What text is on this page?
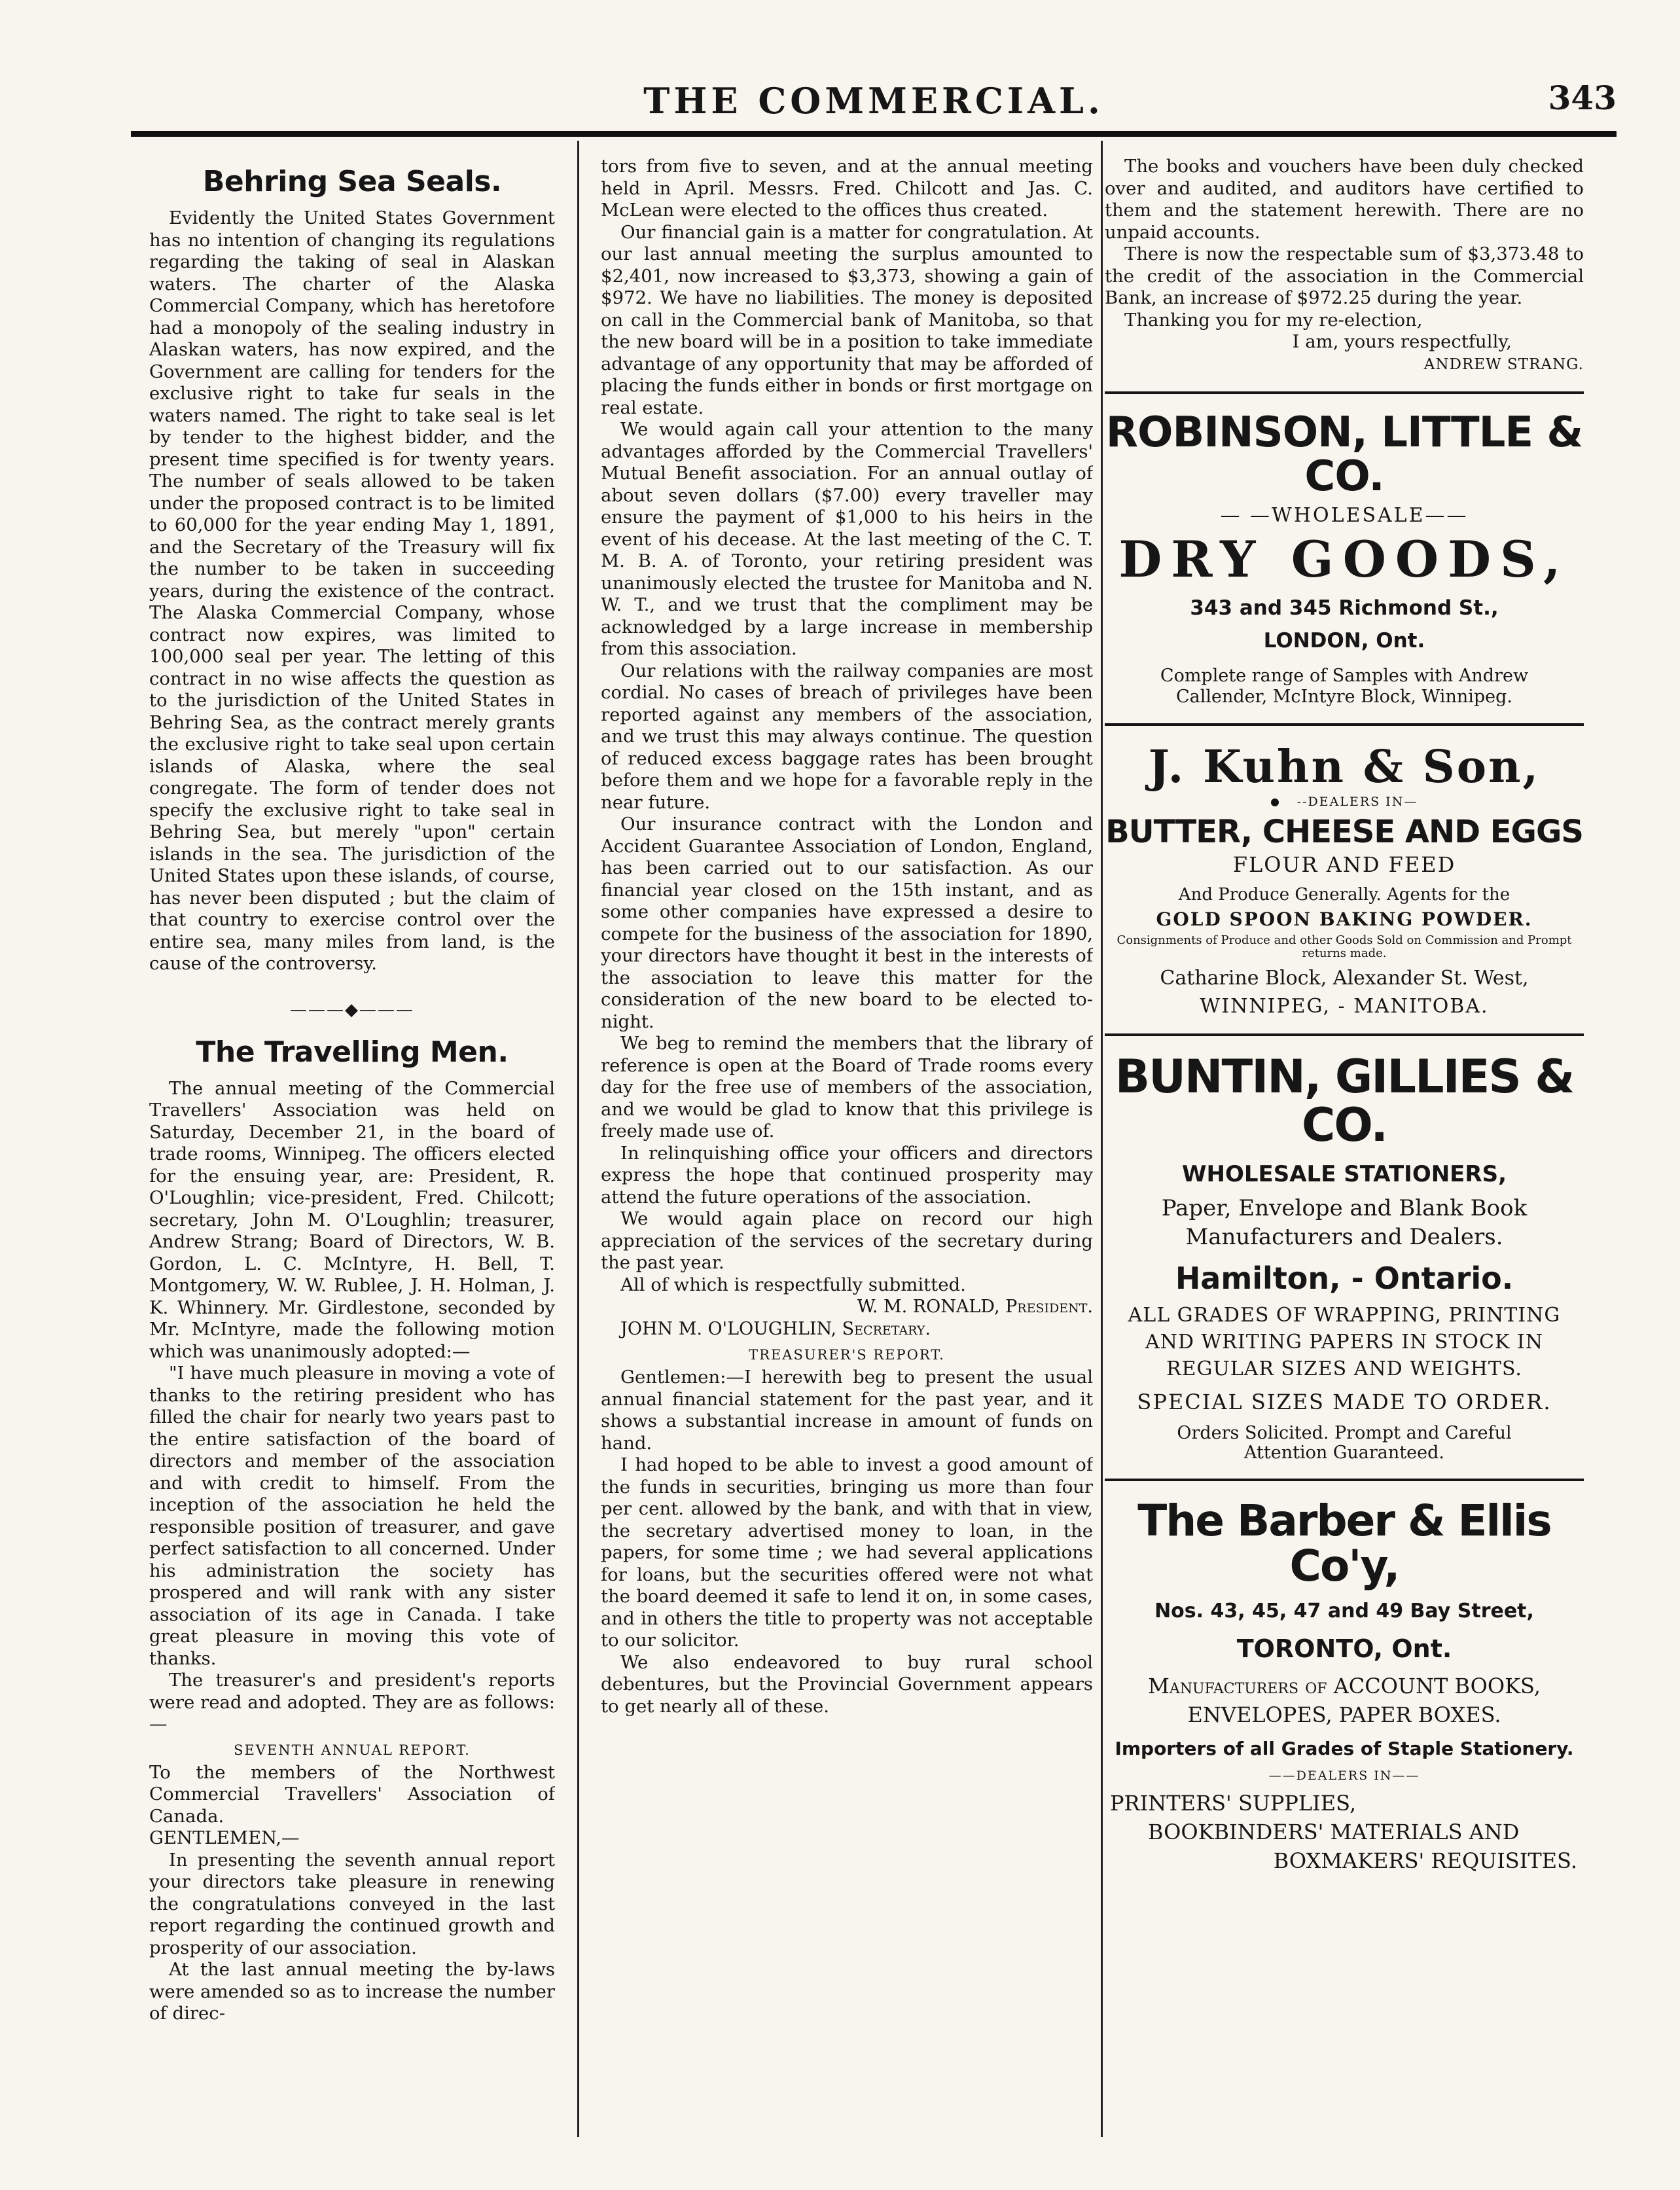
THE COMMERCIAL.	343
Behring Sea Seals.

Evidently the United States Government has no intention of changing its regulations regarding the taking of seal in Alaskan waters. The charter of the Alaska Commercial Company, which has heretofore had a monopoly of the sealing industry in Alaskan waters, has now expired, and the Government are calling for tenders for the exclusive right to take fur seals in the waters named. The right to take seal is let by tender to the highest bidder, and the present time specified is for twenty years. The number of seals allowed to be taken under the proposed contract is to be limited to 60,000 for the year ending May 1, 1891, and the Secretary of the Treasury will fix the number to be taken in succeeding years, during the existence of the contract. The Alaska Commercial Company, whose contract now expires, was limited to 100,000 seal per year. The letting of this contract in no wise affects the question as to the jurisdiction of the United States in Behring Sea, as the contract merely grants the exclusive right to take seal upon certain islands of Alaska, where the seal congregate. The form of tender does not specify the exclusive right to take seal in Behring Sea, but merely "upon" certain islands in the sea. The jurisdiction of the United States upon these islands, of course, has never been disputed ; but the claim of that country to exercise control over the entire sea, many miles from land, is the cause of the controversy.

———◆———
The Travelling Men.

The annual meeting of the Commercial Travellers' Association was held on Saturday, December 21, in the board of trade rooms, Winnipeg. The officers elected for the ensuing year, are: President, R. O'Loughlin; vice-president, Fred. Chilcott; secretary, John M. O'Loughlin; treasurer, Andrew Strang; Board of Directors, W. B. Gordon, L. C. McIntyre, H. Bell, T. Montgomery, W. W. Rublee, J. H. Holman, J. K. Whinnery. Mr. Girdlestone, seconded by Mr. McIntyre, made the following motion which was unanimously adopted:—

"I have much pleasure in moving a vote of thanks to the retiring president who has filled the chair for nearly two years past to the entire satisfaction of the board of directors and member of the association and with credit to himself. From the inception of the association he held the responsible position of treasurer, and gave perfect satisfaction to all concerned. Under his administration the society has prospered and will rank with any sister association of its age in Canada. I take great pleasure in moving this vote of thanks.

The treasurer's and president's reports were read and adopted. They are as follows:—

SEVENTH ANNUAL REPORT.

To the members of the Northwest Commercial Travellers' Association of Canada.

GENTLEMEN,—

In presenting the seventh annual report your directors take pleasure in renewing the congratulations conveyed in the last report regarding the continued growth and prosperity of our association.

At the last annual meeting the by-laws were amended so as to increase the number of direc-

tors from five to seven, and at the annual meeting held in April. Messrs. Fred. Chilcott and Jas. C. McLean were elected to the offices thus created.

Our financial gain is a matter for congratulation. At our last annual meeting the surplus amounted to $2,401, now increased to $3,373, showing a gain of $972. We have no liabilities. The money is deposited on call in the Commercial bank of Manitoba, so that the new board will be in a position to take immediate advantage of any opportunity that may be afforded of placing the funds either in bonds or first mortgage on real estate.

We would again call your attention to the many advantages afforded by the Commercial Travellers' Mutual Benefit association. For an annual outlay of about seven dollars ($7.00) every traveller may ensure the payment of $1,000 to his heirs in the event of his decease. At the last meeting of the C. T. M. B. A. of Toronto, your retiring president was unanimously elected the trustee for Manitoba and N. W. T., and we trust that the compliment may be acknowledged by a large increase in membership from this association.

Our relations with the railway companies are most cordial. No cases of breach of privileges have been reported against any members of the association, and we trust this may always continue. The question of reduced excess baggage rates has been brought before them and we hope for a favorable reply in the near future.

Our insurance contract with the London and Accident Guarantee Association of London, England, has been carried out to our satisfaction. As our financial year closed on the 15th instant, and as some other companies have expressed a desire to compete for the business of the association for 1890, your directors have thought it best in the interests of the association to leave this matter for the consideration of the new board to be elected to-night.

We beg to remind the members that the library of reference is open at the Board of Trade rooms every day for the free use of members of the association, and we would be glad to know that this privilege is freely made use of.

In relinquishing office your officers and directors express the hope that continued prosperity may attend the future operations of the association.

We would again place on record our high appreciation of the services of the secretary during the past year.

All of which is respectfully submitted.

W. M. RONALD, President.

JOHN M. O'LOUGHLIN, Secretary.

TREASURER'S REPORT.

Gentlemen:—I herewith beg to present the usual annual financial statement for the past year, and it shows a substantial increase in amount of funds on hand.

I had hoped to be able to invest a good amount of the funds in securities, bringing us more than four per cent. allowed by the bank, and with that in view, the secretary advertised money to loan, in the papers, for some time ; we had several applications for loans, but the securities offered were not what the board deemed it safe to lend it on, in some cases, and in others the title to property was not acceptable to our solicitor.

We also endeavored to buy rural school debentures, but the Provincial Government appears to get nearly all of these.

The books and vouchers have been duly checked over and audited, and auditors have certified to them and the statement herewith. There are no unpaid accounts.

There is now the respectable sum of $3,373.48 to the credit of the association in the Commercial Bank, an increase of $972.25 during the year.

Thanking you for my re-election,

I am, yours respectfully,

ANDREW STRANG.

ROBINSON, LITTLE & CO.
— —WHOLESALE——
DRY GOODS,
343 and 345 Richmond St.,
LONDON, Ont.
Complete range of Samples with Andrew Callender, McIntyre Block, Winnipeg.
J. Kuhn & Son,
--DEALERS IN—
BUTTER, CHEESE AND EGGS
FLOUR AND FEED
And Produce Generally. Agents for the
GOLD SPOON BAKING POWDER.
Consignments of Produce and other Goods Sold on Commission and Prompt returns made.
Catharine Block, Alexander St. West,
WINNIPEG, - MANITOBA.
BUNTIN, GILLIES & CO.
WHOLESALE STATIONERS,
Paper, Envelope and Blank Book
Manufacturers and Dealers.
Hamilton, - Ontario.
ALL GRADES OF WRAPPING, PRINTING
AND WRITING PAPERS IN STOCK IN
REGULAR SIZES AND WEIGHTS.
SPECIAL SIZES MADE TO ORDER.
Orders Solicited. Prompt and Careful Attention Guaranteed.
The Barber & Ellis Co'y,
Nos. 43, 45, 47 and 49 Bay Street,
TORONTO, Ont.
Manufacturers of ACCOUNT BOOKS,
ENVELOPES, PAPER BOXES.
Importers of all Grades of Staple Stationery.
——DEALERS IN——
PRINTERS' SUPPLIES,
BOOKBINDERS' MATERIALS AND
BOXMAKERS' REQUISITES.
